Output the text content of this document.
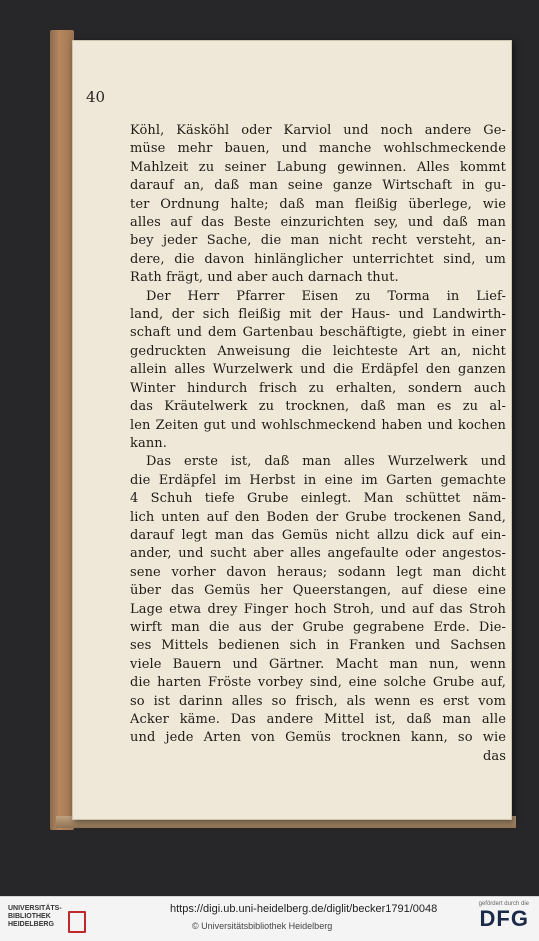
40
Köhl, Käsköhl oder Karviol und noch andere Ge-
müse mehr bauen, und manche wohlschmeckende
Mahlzeit zu seiner Labung gewinnen. Alles kommt
darauf an, daß man seine ganze Wirtschaft in gu-
ter Ordnung halte; daß man fleißig überlege, wie
alles auf das Beste einzurichten sey, und daß man
bey jeder Sache, die man nicht recht versteht, an-
dere, die davon hinlänglicher unterrichtet sind, um
Rath frägt, und aber auch darnach thut.
Der Herr Pfarrer Eisen zu Torma in Lief-
land, der sich fleißig mit der Haus- und Landwirth-
schaft und dem Gartenbau beschäftigte, giebt in einer
gedruckten Anweisung die leichteste Art an, nicht
allein alles Wurzelwerk und die Erdäpfel den ganzen
Winter hindurch frisch zu erhalten, sondern auch
das Kräutelwerk zu trocknen, daß man es zu al-
len Zeiten gut und wohlschmeckend haben und kochen
kann.
Das erste ist, daß man alles Wurzelwerk und
die Erdäpfel im Herbst in eine im Garten gemachte
4 Schuh tiefe Grube einlegt. Man schüttet näm-
lich unten auf den Boden der Grube trockenen Sand,
darauf legt man das Gemüs nicht allzu dick auf ein-
ander, und sucht aber alles angefaulte oder angestos-
sene vorher davon heraus; sodann legt man dicht
über das Gemüs her Queerstangen, auf diese eine
Lage etwa drey Finger hoch Stroh, und auf das Stroh
wirft man die aus der Grube gegrabene Erde. Die-
ses Mittels bedienen sich in Franken und Sachsen
viele Bauern und Gärtner. Macht man nun, wenn
die harten Fröste vorbey sind, eine solche Grube auf,
so ist darinn alles so frisch, als wenn es erst vom
Acker käme. Das andere Mittel ist, daß man alle
und jede Arten von Gemüs trocknen kann, so wie
das
UNIVERSITÄTS-
BIBLIOTHEK
HEIDELBERG
https://digi.ub.uni-heidelberg.de/diglit/becker1791/0048
© Universitätsbibliothek Heidelberg
gefördert durch die
DFG
